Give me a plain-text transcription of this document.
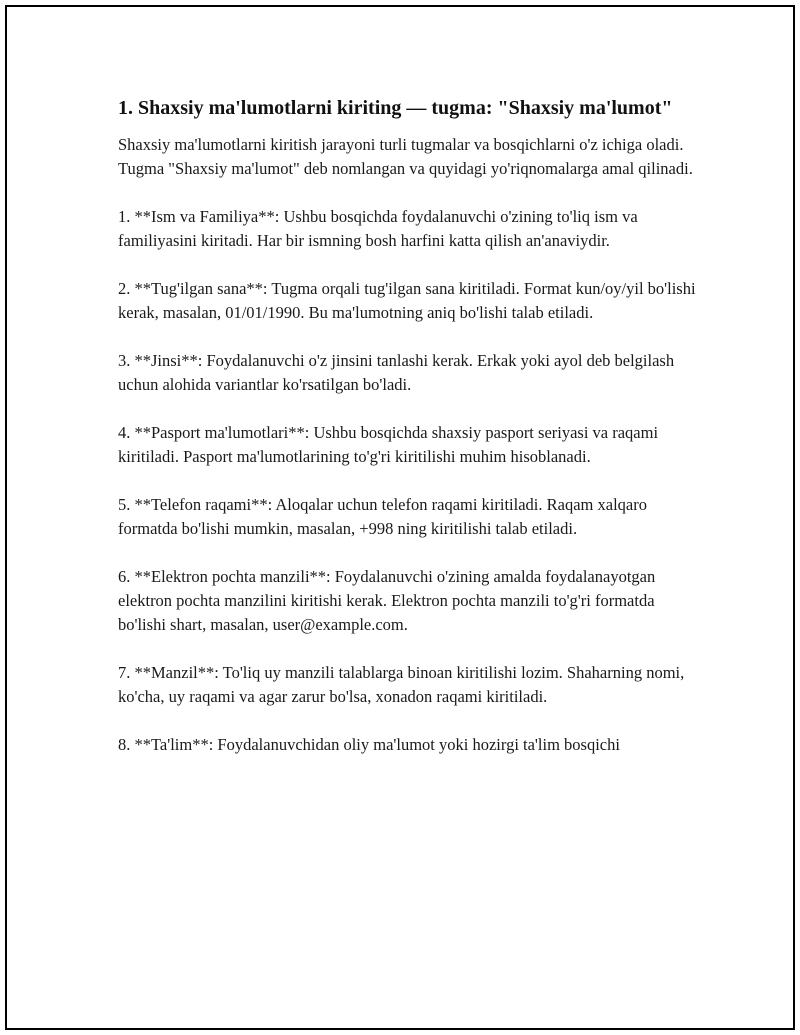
1. Shaxsiy ma'lumotlarni kiriting — tugma: "Shaxsiy ma'lumot"

Shaxsiy ma'lumotlarni kiritish jarayoni turli tugmalar va bosqichlarni o'z ichiga oladi. Tugma "Shaxsiy ma'lumot" deb nomlangan va quyidagi yo'riqnomalarga amal qilinadi.

1. **Ism va Familiya**: Ushbu bosqichda foydalanuvchi o'zining to'liq ism va familiyasini kiritadi. Har bir ismning bosh harfini katta qilish an'anaviydir.

2. **Tug'ilgan sana**: Tugma orqali tug'ilgan sana kiritiladi. Format kun/oy/yil bo'lishi kerak, masalan, 01/01/1990. Bu ma'lumotning aniq bo'lishi talab etiladi.

3. **Jinsi**: Foydalanuvchi o'z jinsini tanlashi kerak. Erkak yoki ayol deb belgilash uchun alohida variantlar ko'rsatilgan bo'ladi.

4. **Pasport ma'lumotlari**: Ushbu bosqichda shaxsiy pasport seriyasi va raqami kiritiladi. Pasport ma'lumotlarining to'g'ri kiritilishi muhim hisoblanadi.

5. **Telefon raqami**: Aloqalar uchun telefon raqami kiritiladi. Raqam xalqaro formatda bo'lishi mumkin, masalan, +998 ning kiritilishi talab etiladi.

6. **Elektron pochta manzili**: Foydalanuvchi o'zining amalda foydalanayotgan elektron pochta manzilini kiritishi kerak. Elektron pochta manzili to'g'ri formatda bo'lishi shart, masalan, user@example.com.

7. **Manzil**: To'liq uy manzili talablarga binoan kiritilishi lozim. Shaharning nomi, ko'cha, uy raqami va agar zarur bo'lsa, xonadon raqami kiritiladi.

8. **Ta'lim**: Foydalanuvchidan oliy ma'lumot yoki hozirgi ta'lim bosqichi
